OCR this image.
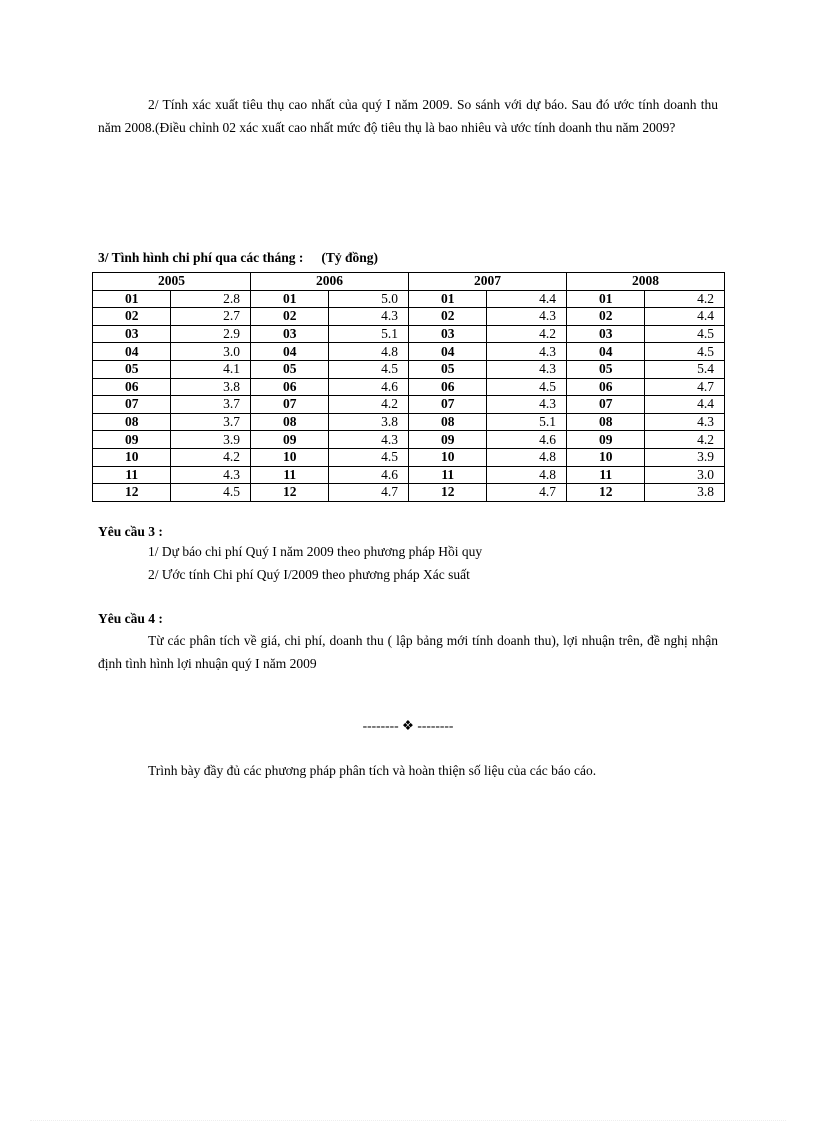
2/ Tính xác xuất tiêu thụ cao nhất của quý I năm 2009. So sánh với dự báo. Sau đó ước tính doanh thu năm 2008.(Điều chỉnh 02 xác xuất cao nhất mức độ tiêu thụ là bao nhiêu và ước tính doanh thu năm 2009?

3/ Tình hình chi phí qua các tháng : (Tỷ đồng)
2005		2006		2007		2008	
01	2.8	01	5.0	01	4.4	01	4.2
02	2.7	02	4.3	02	4.3	02	4.4
03	2.9	03	5.1	03	4.2	03	4.5
04	3.0	04	4.8	04	4.3	04	4.5
05	4.1	05	4.5	05	4.3	05	5.4
06	3.8	06	4.6	06	4.5	06	4.7
07	3.7	07	4.2	07	4.3	07	4.4
08	3.7	08	3.8	08	5.1	08	4.3
09	3.9	09	4.3	09	4.6	09	4.2
10	4.2	10	4.5	10	4.8	10	3.9
11	4.3	11	4.6	11	4.8	11	3.0
12	4.5	12	4.7	12	4.7	12	3.8
Yêu cầu 3 :
1/ Dự báo chi phí Quý I năm 2009 theo phương pháp Hồi quy
2/ Ước tính Chi phí Quý I/2009 theo phương pháp Xác suất
Yêu cầu 4 :

Từ các phân tích về giá, chi phí, doanh thu ( lập bảng mới tính doanh thu), lợi nhuận trên, đề nghị nhận định tình hình lợi nhuận quý I năm 2009

-------- ❖ --------
Trình bày đầy đủ các phương pháp phân tích và hoàn thiện số liệu của các báo cáo.
